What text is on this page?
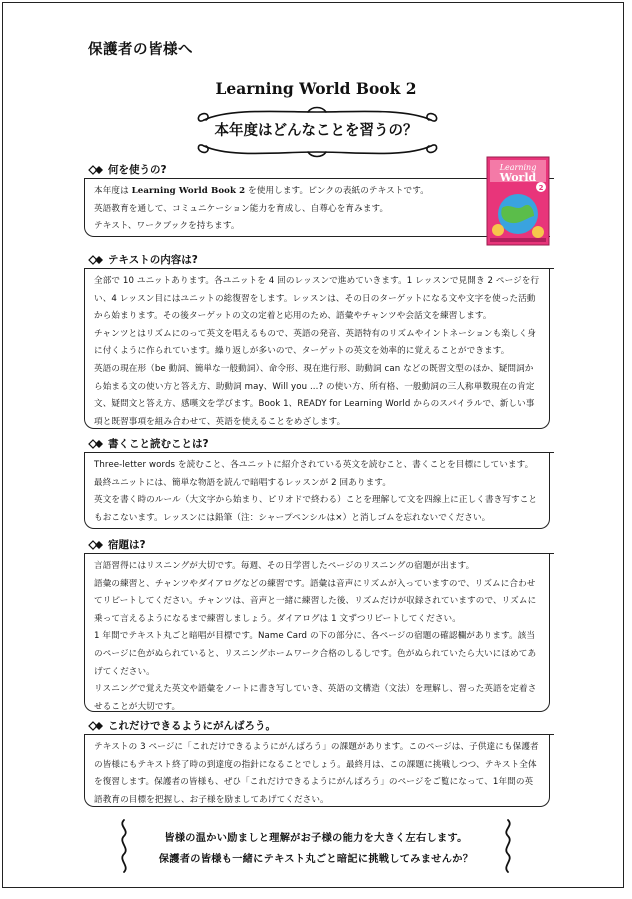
保護者の皆様へ
Learning World Book 2
本年度はどんなことを習うの？
何を使うの?

本年度は Learning World Book 2 を使用します。ピンクの表紙のテキストです。

英語教育を通して、コミュニケーション能力を育成し、自尊心を育みます。

テキスト、ワークブックを持ちます。

Learning
World
2
テキストの内容は?

全部で 10 ユニットあります。各ユニットを 4 回のレッスンで進めていきます。1 レッスンで見開き 2 ページを行い、4 レッスン目にはユニットの総復習をします。レッスンは、その日のターゲットになる文や文字を使った活動から始まります。その後ターゲットの文の定着と応用のため、語彙やチャンツや会話文を練習します。

チャンツとはリズムにのって英文を唱えるもので、英語の発音、英語特有のリズムやイントネーションも楽しく身に付くように作られています。繰り返しが多いので、ターゲットの英文を効率的に覚えることができます。

英語の現在形（be 動詞、簡単な一般動詞）、命令形、現在進行形、助動詞 can などの既習文型のほか、疑問詞から始まる文の使い方と答え方、助動詞 may、Will you ...? の使い方、所有格、一般動詞の三人称単数現在の肯定文、疑問文と答え方、感嘆文を学びます。Book 1、READY for Learning World からのスパイラルで、新しい事項と既習事項を組み合わせて、英語を使えることをめざします。

書くこと読むことは?

Three-letter words を読むこと、各ユニットに紹介されている英文を読むこと、書くことを目標にしています。

最終ユニットには、簡単な物語を読んで暗唱するレッスンが 2 回あります。

英文を書く時のルール（大文字から始まり、ピリオドで終わる）ことを理解して文を四線上に正しく書き写すこともおこないます。レッスンには鉛筆（注：シャープペンシルは×）と消しゴムを忘れないでください。

宿題は?

言語習得にはリスニングが大切です。毎週、その日学習したページのリスニングの宿題が出ます。

語彙の練習と、チャンツやダイアログなどの練習です。語彙は音声にリズムが入っていますので、リズムに合わせてリピートしてください。チャンツは、音声と一緒に練習した後、リズムだけが収録されていますので、リズムに乗って言えるようになるまで練習しましょう。ダイアログは 1 文ずつリピートしてください。

1 年間でテキスト丸ごと暗唱が目標です。Name Card の下の部分に、各ページの宿題の確認欄があります。該当のページに色がぬられていると、リスニングホームワーク合格のしるしです。色がぬられていたら大いにほめてあげてください。

リスニングで覚えた英文や語彙をノートに書き写していき、英語の文構造（文法）を理解し、習った英語を定着させることが大切です。

これだけできるようにがんばろう。

テキストの 3 ページに「これだけできるようにがんばろう」の課題があります。このページは、子供達にも保護者の皆様にもテキスト終了時の到達度の指針になることでしょう。最終月は、この課題に挑戦しつつ、テキスト全体を復習します。保護者の皆様も、ぜひ「これだけできるようにがんばろう」のページをご覧になって、1年間の英語教育の目標を把握し、お子様を励ましてあげてください。

皆様の温かい励ましと理解がお子様の能力を大きく左右します。
保護者の皆様も一緒にテキスト丸ごと暗記に挑戦してみませんか？
